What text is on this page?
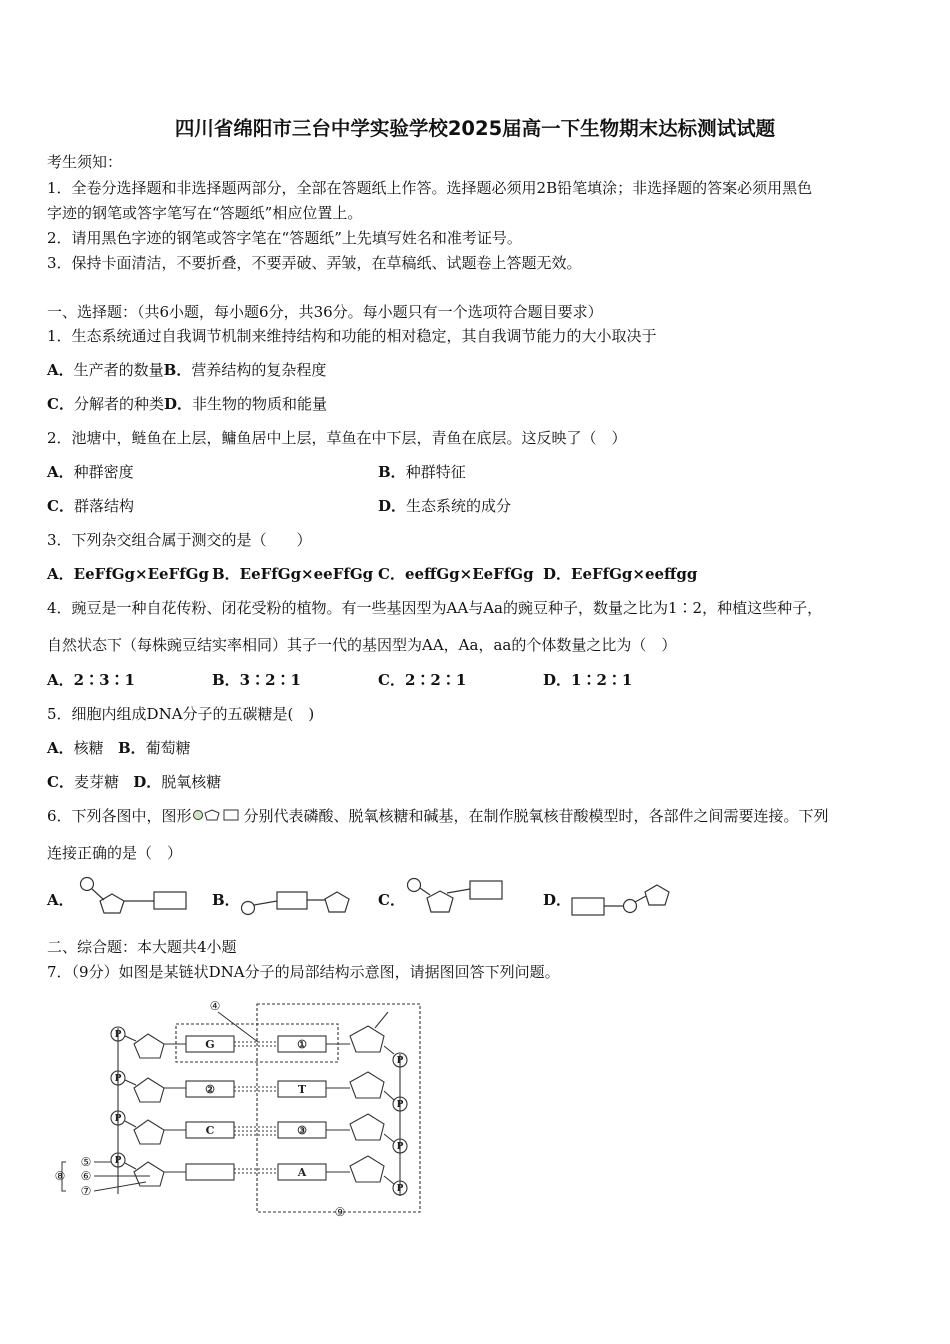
四川省绵阳市三台中学实验学校2025届高一下生物期末达标测试试题
考生须知：
1．全卷分选择题和非选择题两部分，全部在答题纸上作答。选择题必须用2B铅笔填涂；非选择题的答案必须用黑色
字迹的钢笔或答字笔写在“答题纸”相应位置上。
2．请用黑色字迹的钢笔或答字笔在“答题纸”上先填写姓名和准考证号。
3．保持卡面清洁，不要折叠，不要弄破、弄皱，在草稿纸、试题卷上答题无效。
一、选择题：（共6小题，每小题6分，共36分。每小题只有一个选项符合题目要求）
1．生态系统通过自我调节机制来维持结构和功能的相对稳定，其自我调节能力的大小取决于
A．生产者的数量B．营养结构的复杂程度
C．分解者的种类D．非生物的物质和能量
2．池塘中，鲢鱼在上层，鳙鱼居中上层，草鱼在中下层，青鱼在底层。这反映了（　）
A．种群密度	B．种群特征
C．群落结构	D．生态系统的成分
3．下列杂交组合属于测交的是（　　）
A．EeFfGg×EeFfGg B．EeFfGg×eeFfGg C．eeffGg×EeFfGg D．EeFfGg×eeffgg
4．豌豆是一种自花传粉、闭花受粉的植物。有一些基因型为AA与Aa的豌豆种子，数量之比为1∶2，种植这些种子，
自然状态下（每株豌豆结实率相同）其子一代的基因型为AA，Aa，aa的个体数量之比为（　）
A．2∶3∶1	B．3∶2∶1	C．2∶2∶1	D．1∶2∶1
5．细胞内组成DNA分子的五碳糖是(　)
A．核糖 B．葡萄糖
C．麦芽糖 D．脱氧核糖
6．下列各图中，图形	分别代表磷酸、脱氧核糖和碱基，在制作脱氧核苷酸模型时，各部件之间需要连接。下列
连接正确的是（　）
A．	B．	C．	D．
二、综合题：本大题共4小题
7．（9分）如图是某链状DNA分子的局部结构示意图，请据图回答下列问题。
P
P
P
P
P
P
P
P
G
②
C
①
T
③
A
④
⑤
⑥
⑦
⑧
⑨
